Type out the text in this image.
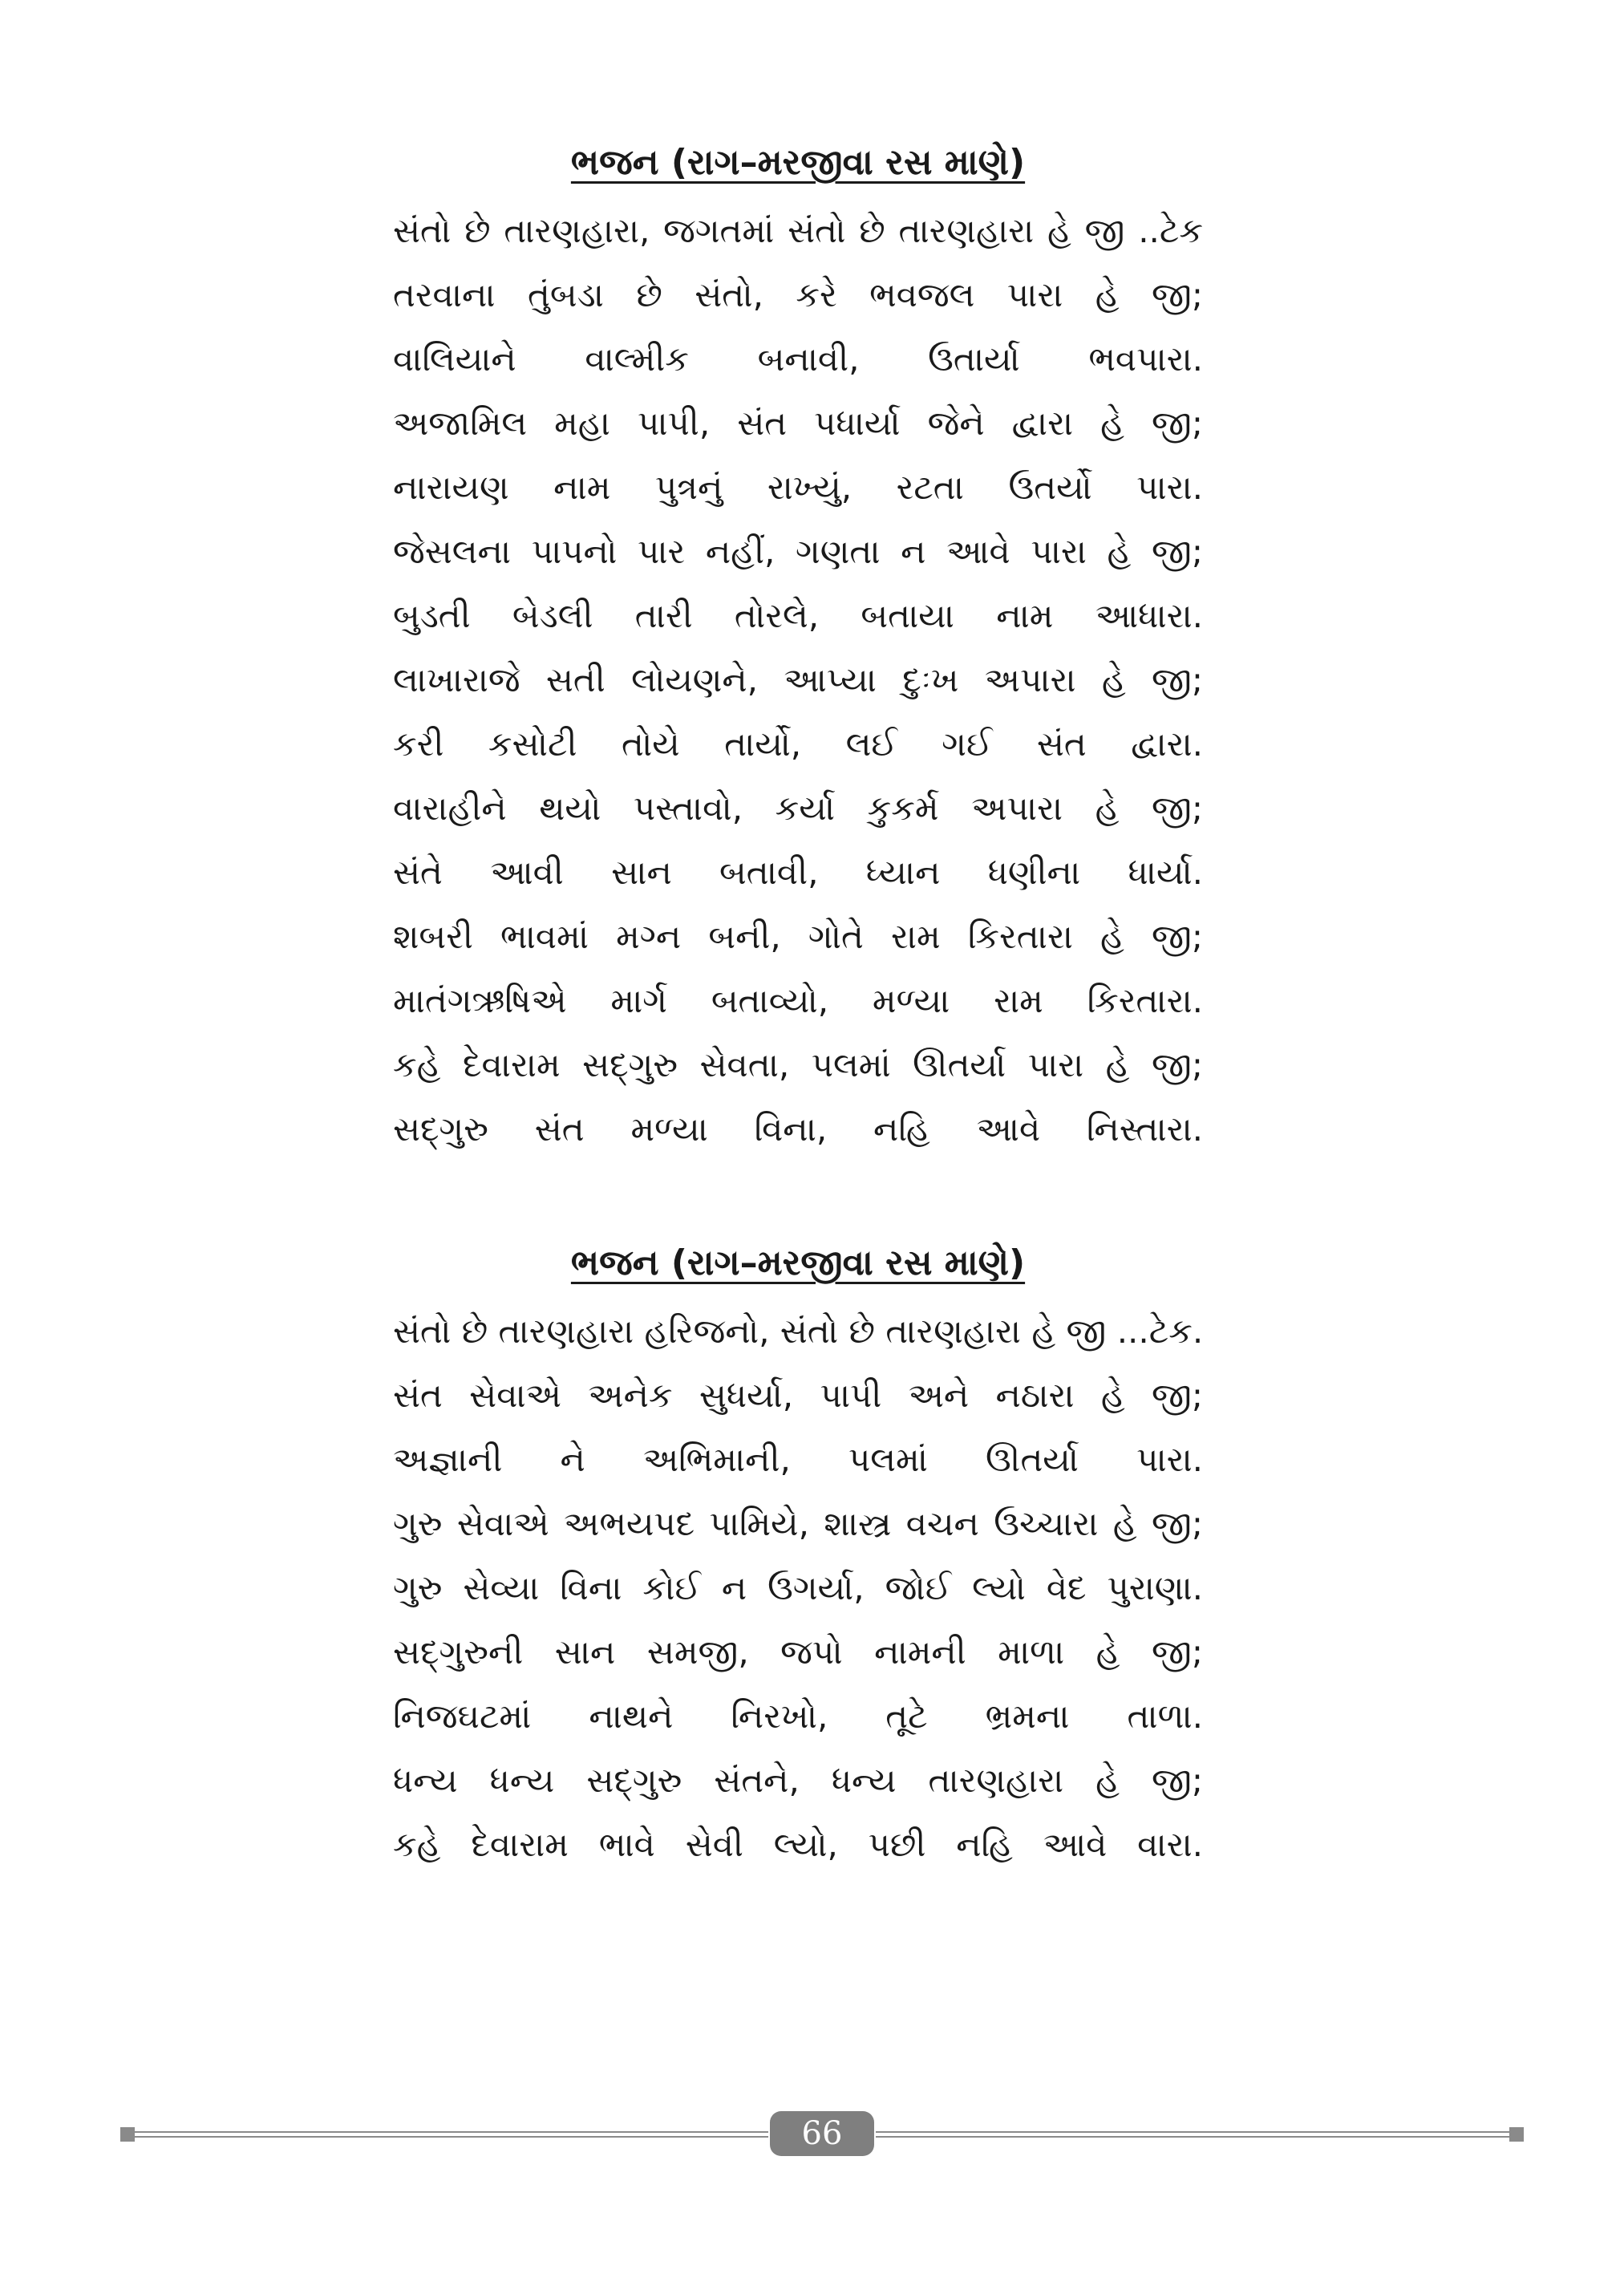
ભજન (રાગ–મરજીવા રસ માણે)
સંતો છે તારણહારા, જગતમાં સંતો છે તારણહારા હે જી ..ટેક
તરવાના તુંબડા છે સંતો, કરે ભવજલ પારા હે જી;
વાલિયાને વાલ્મીક બનાવી, ઉતાર્યા ભવપારા.
અજામિલ મહા પાપી, સંત પધાર્યા જેને દ્વારા હે જી;
નારાયણ નામ પુત્રનું રાખ્યું, રટતા ઉતર્યો પારા.
જેસલના પાપનો પાર નહીં, ગણતા ન આવે પારા હે જી;
બુડતી બેડલી તારી તોરલે, બતાયા નામ આધારા.
લાખારાજે સતી લોયણને, આપ્યા દુઃખ અપારા હે જી;
કરી કસોટી તોયે તાર્યો, લઈ ગઈ સંત દ્વારા.
વારાહીને થયો પસ્તાવો, કર્યા કુકર્મ અપારા હે જી;
સંતે આવી સાન બતાવી, ધ્યાન ધણીના ધાર્યા.
શબરી ભાવમાં મગ્ન બની, ગોતે રામ કિરતારા હે જી;
માતંગઋષિએ માર્ગ બતાવ્યો, મળ્યા રામ કિરતારા.
કહે દેવારામ સદ્‌ગુરુ સેવતા, પલમાં ઊતર્યા પારા હે જી;
સદ્‌ગુરુ સંત મળ્યા વિના, નહિ આવે નિસ્તારા.
ભજન (રાગ–મરજીવા રસ માણે)
સંતો છે તારણહારા હરિજનો, સંતો છે તારણહારા હે જી ...ટેક.
સંત સેવાએ અનેક સુધર્યા, પાપી અને નઠારા હે જી;
અજ્ઞાની ને અભિમાની, પલમાં ઊતર્યા પારા.
ગુરુ સેવાએ અભયપદ પામિયે, શાસ્ત્ર વચન ઉચ્ચારા હે જી;
ગુરુ સેવ્યા વિના કોઈ ન ઉગર્યા, જોઈ લ્યો વેદ પુરાણા.
સદ્‌ગુરુની સાન સમજી, જપો નામની માળા હે જી;
નિજઘટમાં નાથને નિરખો, તૂટે ભ્રમના તાળા.
ધન્ય ધન્ય સદ્‌ગુરુ સંતને, ધન્ય તારણહારા હે જી;
કહે દેવારામ ભાવે સેવી લ્યો, પછી નહિ આવે વારા.
66
